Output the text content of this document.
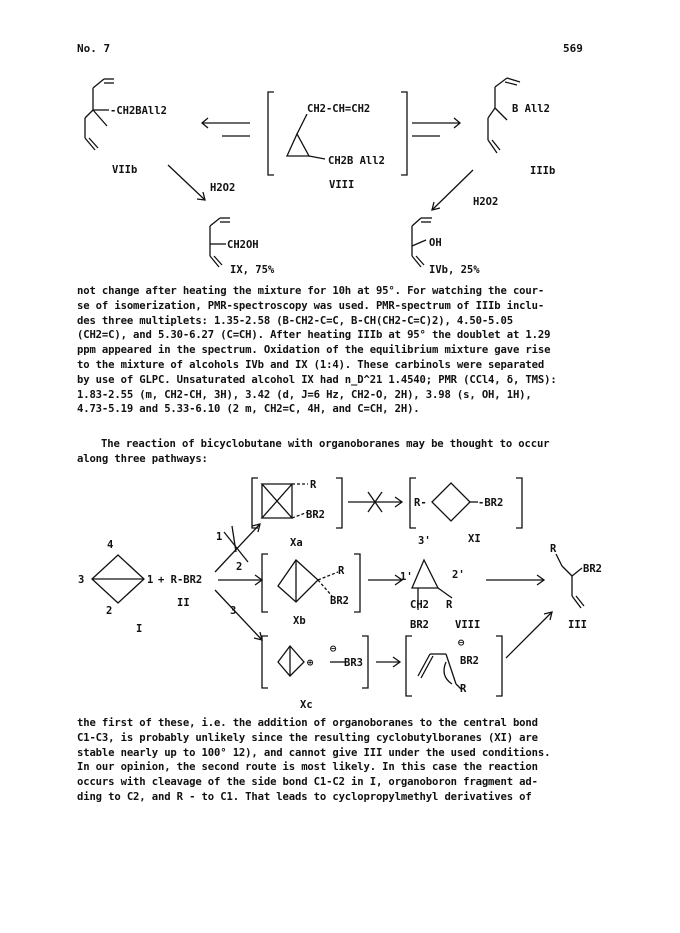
No. 7	569
-CH2BAll2
VIIb
CH2-CH=CH2
CH2B All2
VIII
B All2
IIIb
H2O2
H2O2
CH2OH
IX, 75%
OH
IVb, 25%
not change after heating the mixture for 10h at 95°. For watching the cour-
se of isomerization, PMR-spectroscopy was used. PMR-spectrum of IIIb inclu-
des three multiplets: 1.35-2.58 (B-CH2-C=C, B-CH(CH2-C=C)2), 4.50-5.05
(CH2=C), and 5.30-6.27 (C=CH). After heating IIIb at 95° the doublet at 1.29
ppm appeared in the spectrum. Oxidation of the equilibrium mixture gave rise
to the mixture of alcohols IVb and IX (1:4). These carbinols were separated
by use of GLPC. Unsaturated alcohol IX had n_D^21 1.4540; PMR (CCl4, δ, TMS):
1.83-2.55 (m, CH2-CH, 3H), 3.42 (d, J=6 Hz, CH2-O, 2H), 3.98 (s, OH, 1H),
4.73-5.19 and 5.33-6.10 (2 m, CH2=C, 4H, and C=CH, 2H).
The reaction of bicyclobutane with organoboranes may be thought to occur
along three pathways:
R
BR2
Xa
R-	-BR2
XI
4
3	1
2
I
+ R-BR2
II
1
2
3
R
BR2
Xb
1'
3'
2'
CH2
BR2
R
VIII
R
BR2
III
⊕
⊖
BR3
Xc
⊖
BR2
R
the first of these, i.e. the addition of organoboranes to the central bond
C1-C3, is probably unlikely since the resulting cyclobutylboranes (XI) are
stable nearly up to 100° 12), and cannot give III under the used conditions.
In our opinion, the second route is most likely. In this case the reaction
occurs with cleavage of the side bond C1-C2 in I, organoboron fragment ad-
ding to C2, and R - to C1. That leads to cyclopropylmethyl derivatives of
